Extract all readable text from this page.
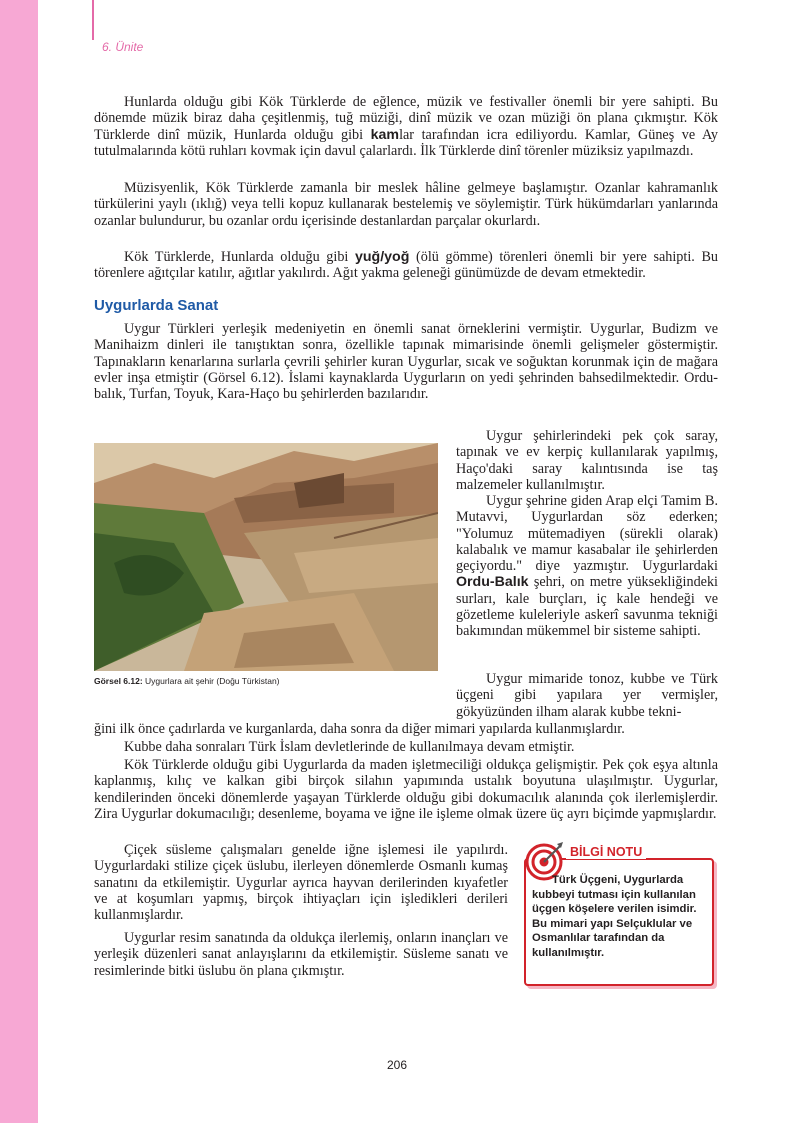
6. Ünite

Hunlarda olduğu gibi Kök Türklerde de eğlence, müzik ve festivaller önemli bir yere sahipti. Bu dönemde müzik biraz daha çeşitlenmiş, tuğ müziği, dinî müzik ve ozan müziği ön plana çıkmıştır. Kök Türklerde dinî müzik, Hunlarda olduğu gibi kamlar tarafından icra ediliyordu. Kamlar, Güneş ve Ay tutulmalarında kötü ruhları kovmak için davul çalarlardı. İlk Türklerde dinî törenler müziksiz yapılmazdı.

Müzisyenlik, Kök Türklerde zamanla bir meslek hâline gelmeye başlamıştır. Ozanlar kahramanlık türkülerini yaylı (ıklığ) veya telli kopuz kullanarak bestelemiş ve söylemiştir. Türk hükümdarları yanlarında ozanlar bulundurur, bu ozanlar ordu içerisinde destanlardan parçalar okurlardı.

Kök Türklerde, Hunlarda olduğu gibi yuğ/yoğ (ölü gömme) törenleri önemli bir yere sahipti. Bu törenlere ağıtçılar katılır, ağıtlar yakılırdı. Ağıt yakma geleneği günümüzde de devam etmektedir.

Uygurlarda Sanat

Uygur Türkleri yerleşik medeniyetin en önemli sanat örneklerini vermiştir. Uygurlar, Budizm ve Manihaizm dinleri ile tanıştıktan sonra, özellikle tapınak mimarisinde önemli gelişmeler göstermiştir. Tapınakların kenarlarına surlarla çevrili şehirler kuran Uygurlar, sıcak ve soğuktan korunmak için de mağara evler inşa etmiştir (Görsel 6.12). İslami kaynaklarda Uygurların on yedi şehrinden bahsedilmektedir. Ordu-balık, Turfan, Toyuk, Kara-Haço bu şehirlerden bazılarıdır.

Görsel 6.12: Uygurlara ait şehir (Doğu Türkistan)

Uygur şehirlerindeki pek çok saray, tapınak ve ev kerpiç kullanılarak yapılmış, Haço'daki saray kalıntısında ise taş malzemeler kullanılmıştır.

Uygur şehrine giden Arap elçi Tamim B. Mutavvi, Uygurlardan söz ederken; "Yolumuz mütemadiyen (sürekli olarak) kalabalık ve mamur kasabalar ile şehirlerden geçiyordu." diye yazmıştır. Uygurlardaki Ordu-Balık şehri, on metre yüksekliğindeki surları, kale burçları, iç kale hendeği ve gözetleme kuleleriyle askerî savunma tekniği bakımından mükemmel bir sisteme sahipti.

Uygur mimaride tonoz, kubbe ve Türk üçgeni gibi yapılara yer vermişler, gökyüzünden ilham alarak kubbe tekni-

ğini ilk önce çadırlarda ve kurganlarda, daha sonra da diğer mimari yapılarda kullanmışlardır.

Kubbe daha sonraları Türk İslam devletlerinde de kullanılmaya devam etmiştir.

Kök Türklerde olduğu gibi Uygurlarda da maden işletmeciliği oldukça gelişmiştir. Pek çok eşya altınla kaplanmış, kılıç ve kalkan gibi birçok silahın yapımında ustalık boyutuna ulaşılmıştır. Uygurlar, kendilerinden önceki dönemlerde yaşayan Türklerde olduğu gibi dokumacılık alanında çok ilerlemişlerdir. Zira Uygurlar dokumacılığı; desenleme, boyama ve iğne ile işleme olmak üzere üç ayrı biçimde yapmışlardır.

Çiçek süsleme çalışmaları genelde iğne işlemesi ile yapılırdı. Uygurlardaki stilize çiçek üslubu, ilerleyen dönemlerde Osmanlı kumaş sanatını da etkilemiştir. Uygurlar ayrıca hayvan derilerinden kıyafetler ve at koşumları yapmış, birçok ihtiyaçları için işledikleri derileri kullanmışlardır.

Uygurlar resim sanatında da oldukça ilerlemiş, onların inançları ve yerleşik düzenleri sanat anlayışlarını da etkilemiştir. Süsleme sanatı ve resimlerinde bitki üslubu ön plana çıkmıştır.

BİLGİ NOTU

Türk Üçgeni, Uygurlarda kubbeyi tutması için kullanılan üçgen köşelere verilen isimdir. Bu mimari yapı Selçuklular ve Osmanlılar tarafından da kullanılmıştır.

206
